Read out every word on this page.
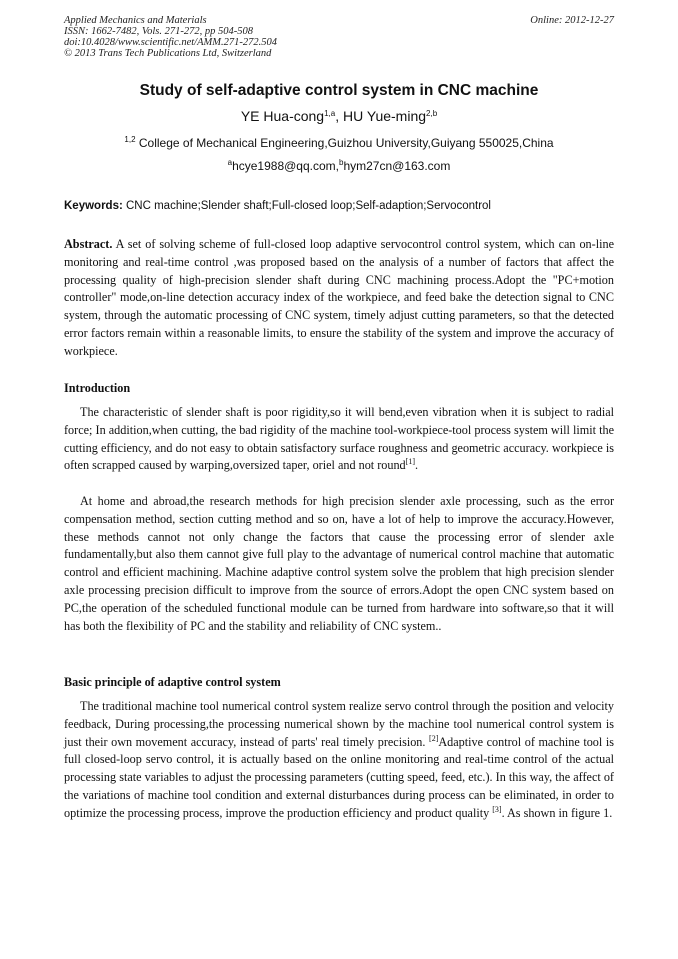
Applied Mechanics and Materials
ISSN: 1662-7482, Vols. 271-272, pp 504-508
doi:10.4028/www.scientific.net/AMM.271-272.504
© 2013 Trans Tech Publications Ltd, Switzerland
Online: 2012-12-27
Study of self-adaptive control system in CNC machine
YE Hua-cong$^{1,a}$, HU Yue-ming$^{2,b}$
$^{1,2}$ College of Mechanical Engineering,Guizhou University,Guiyang 550025,China
$^a$hcye1988@qq.com,$^b$hym27cn@163.com
Keywords: CNC machine;Slender shaft;Full-closed loop;Self-adaption;Servocontrol
Abstract. A set of solving scheme of full-closed loop adaptive servocontrol control system, which can on-line monitoring and real-time control ,was proposed based on the analysis of a number of factors that affect the processing quality of high-precision slender shaft during CNC machining process.Adopt the "PC+motion controller" mode,on-line detection accuracy index of the workpiece, and feed bake the detection signal to CNC system, through the automatic processing of CNC system, timely adjust cutting parameters, so that the detected error factors remain within a reasonable limits, to ensure the stability of the system and improve the accuracy of workpiece.
Introduction
The characteristic of slender shaft is poor rigidity,so it will bend,even vibration when it is subject to radial force; In addition,when cutting, the bad rigidity of the machine tool-workpiece-tool process system will limit the cutting efficiency, and do not easy to obtain satisfactory surface roughness and geometric accuracy. workpiece is often scrapped caused by warping,oversized taper, oriel and not round[1].
At home and abroad,the research methods for high precision slender axle processing, such as the error compensation method, section cutting method and so on, have a lot of help to improve the accuracy.However, these methods cannot not only change the factors that cause the processing error of slender axle fundamentally,but also them cannot give full play to the advantage of numerical control machine that automatic control and efficient machining. Machine adaptive control system solve the problem that high precision slender axle processing precision difficult to improve from the source of errors.Adopt the open CNC system based on PC,the operation of the scheduled functional module can be turned from hardware into software,so that it will has both the flexibility of PC and the stability and reliability of CNC system..
Basic principle of adaptive control system
The traditional machine tool numerical control system realize servo control through the position and velocity feedback, During processing,the processing numerical shown by the machine tool numerical control system is just their own movement accuracy, instead of parts' real timely precision. [2]Adaptive control of machine tool is full closed-loop servo control, it is actually based on the online monitoring and real-time control of the actual processing state variables to adjust the processing parameters (cutting speed, feed, etc.). In this way, the affect of the variations of machine tool condition and external disturbances during process can be eliminated, in order to optimize the processing process, improve the production efficiency and product quality [3]. As shown in figure 1.
